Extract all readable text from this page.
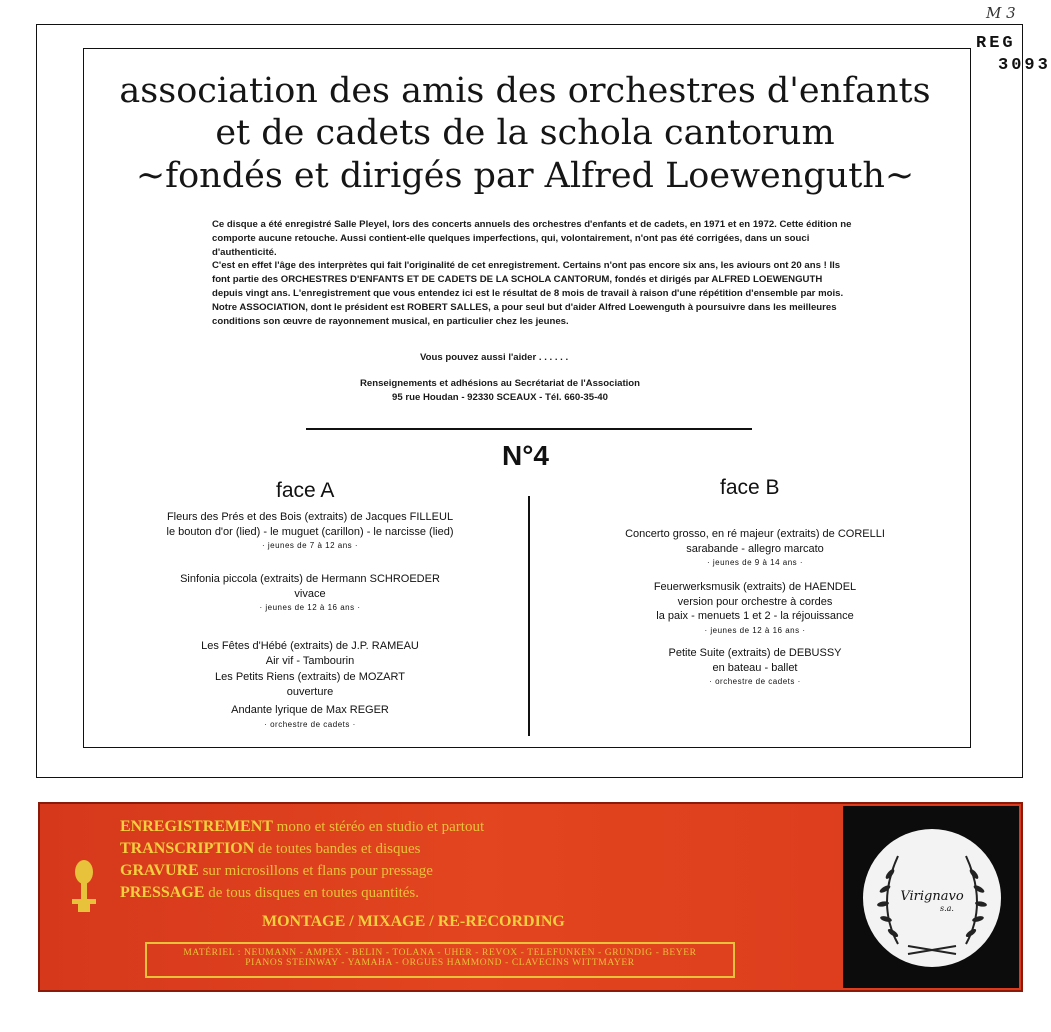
M 3
REG
3093
association des amis des orchestres d'enfants
et de cadets de la schola cantorum
~fondés et dirigés par Alfred Loewenguth~

Ce disque a été enregistré Salle Pleyel, lors des concerts annuels des orchestres d'enfants et de cadets, en 1971 et en 1972. Cette édition ne comporte aucune retouche. Aussi contient-elle quelques imperfections, qui, volontairement, n'ont pas été corrigées, dans un souci d'authenticité.

C'est en effet l'âge des interprètes qui fait l'originalité de cet enregistrement. Certains n'ont pas encore six ans, les aviours ont 20 ans ! Ils font partie des ORCHESTRES D'ENFANTS ET DE CADETS DE LA SCHOLA CANTORUM, fondés et dirigés par ALFRED LOEWENGUTH depuis vingt ans. L'enregistrement que vous entendez ici est le résultat de 8 mois de travail à raison d'une répétition d'ensemble par mois.

Notre ASSOCIATION, dont le président est ROBERT SALLES, a pour seul but d'aider Alfred Loewenguth à poursuivre dans les meilleures conditions son œuvre de rayonnement musical, en particulier chez les jeunes.

Vous pouvez aussi l'aider . . . . . .
Renseignements et adhésions au Secrétariat de l'Association
95 rue Houdan - 92330 SCEAUX - Tél. 660-35-40
N°4
face A	face B
Fleurs des Prés et des Bois (extraits) de Jacques FILLEUL
le bouton d'or (lied) - le muguet (carillon) - le narcisse (lied)
· jeunes de 7 à 12 ans ·
Sinfonia piccola (extraits) de Hermann SCHROEDER
vivace
· jeunes de 12 à 16 ans ·
Les Fêtes d'Hébé (extraits) de J.P. RAMEAU
Air vif - Tambourin
Les Petits Riens (extraits) de MOZART
ouverture
Andante lyrique de Max REGER
· orchestre de cadets ·
Concerto grosso, en ré majeur (extraits) de CORELLI
sarabande - allegro marcato
· jeunes de 9 à 14 ans ·
Feuerwerksmusik (extraits) de HAENDEL
version pour orchestre à cordes
la paix - menuets 1 et 2 - la réjouissance
· jeunes de 12 à 16 ans ·
Petite Suite (extraits) de DEBUSSY
en bateau - ballet
· orchestre de cadets ·
ENREGISTREMENT mono et stéréo en studio et partout
TRANSCRIPTION de toutes bandes et disques
GRAVURE sur microsillons et flans pour pressage
PRESSAGE de tous disques en toutes quantités.
MONTAGE / MIXAGE / RE-RECORDING
MATÉRIEL : NEUMANN - AMPEX - BELIN - TOLANA - UHER - REVOX - TELEFUNKEN - GRUNDIG - BEYER
PIANOS STEINWAY - YAMAHA - ORGUES HAMMOND - CLAVECINS WITTMAYER
Virignavo
s.a.
